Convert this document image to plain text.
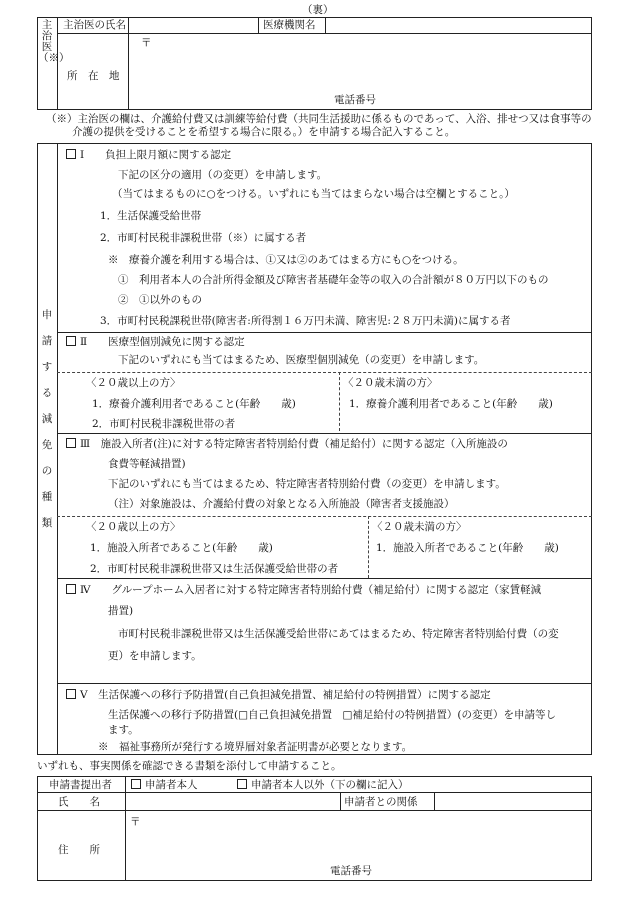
（裏）
主治医（※）
主治医の氏名	医療機関名
所　在　地
〒
電話番号
（※）主治医の欄は、介護給付費又は訓練等給付費（共同生活援助に係るものであって、入浴、排せつ又は食事等の介護の提供を受けることを希望する場合に限る。）を申請する場合記入すること。
申請する減免の種類
Ⅰ　　負担上限月額に関する認定
下記の区分の適用（の変更）を申請します。
（当てはまるものに○をつける。いずれにも当てはまらない場合は空欄とすること。）
1．生活保護受給世帯
2．市町村民税非課税世帯（※）に属する者
※　療養介護を利用する場合は、①又は②のあてはまる方にも○をつける。
①　利用者本人の合計所得金額及び障害者基礎年金等の収入の合計額が８０万円以下のもの
②　①以外のもの
3．市町村民税課税世帯(障害者:所得割１６万円未満、障害児:２８万円未満)に属する者
Ⅱ　　医療型個別減免に関する認定
下記のいずれにも当てはまるため、医療型個別減免（の変更）を申請します。
〈２０歳以上の方〉
1．療養介護利用者であること(年齢　　歳)
2．市町村民税非課税世帯の者
〈２０歳未満の方〉
1．療養介護利用者であること(年齢　　歳)
Ⅲ　施設入所者(注)に対する特定障害者特別給付費（補足給付）に関する認定（入所施設の
食費等軽減措置)
下記のいずれにも当てはまるため、特定障害者特別給付費（の変更）を申請します。
（注）対象施設は、介護給付費の対象となる入所施設（障害者支援施設）
〈２０歳以上の方〉
1．施設入所者であること(年齢　　歳)
2．市町村民税非課税世帯又は生活保護受給世帯の者
〈２０歳未満の方〉
1．施設入所者であること(年齢　　歳)
Ⅳ　　グループホーム入居者に対する特定障害者特別給付費（補足給付）に関する認定（家賃軽減
措置)
市町村民税非課税世帯又は生活保護受給世帯にあてはまるため、特定障害者特別給付費（の変
更）を申請します。
Ⅴ　生活保護への移行予防措置(自己負担減免措置、補足給付の特例措置）に関する認定
生活保護への移行予防措置(□自己負担減免措置　□補足給付の特例措置）(の変更）を申請等し
ます。
※　福祉事務所が発行する境界層対象者証明書が必要となります。
いずれも、事実関係を確認できる書類を添付して申請すること。
申請書提出者	申請者本人	申請者本人以外（下の欄に記入）
氏　　名	申請者との関係
住　　所
〒
電話番号
